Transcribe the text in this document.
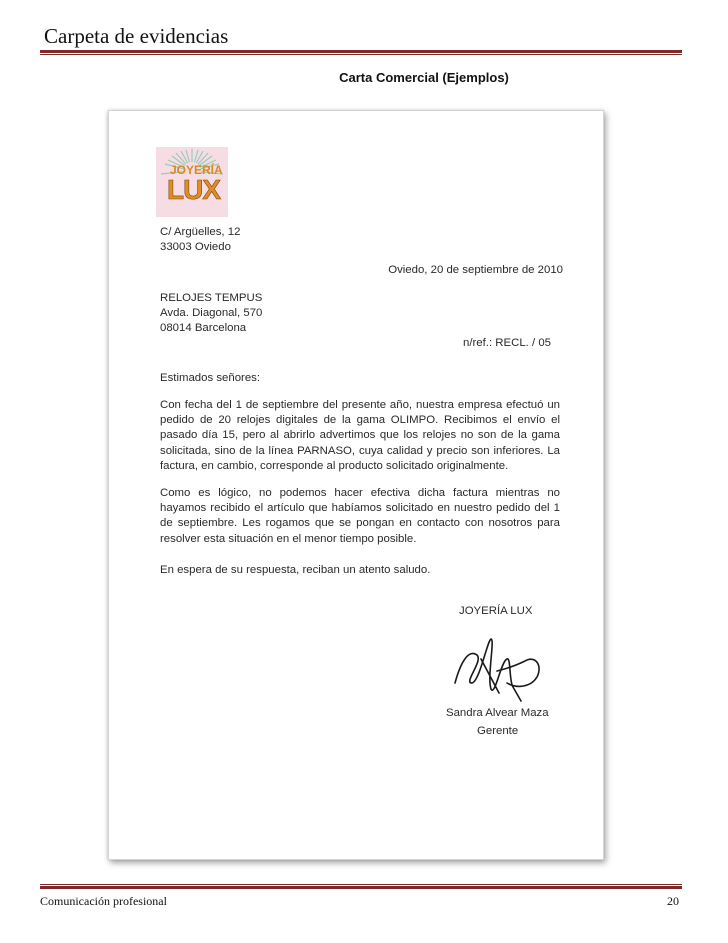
Carpeta de evidencias
Carta Comercial (Ejemplos)
JOYERÍA
LUX
C/ Argüelles, 12
33003 Oviedo
Oviedo, 20 de septiembre de 2010
RELOJES TEMPUS
Avda. Diagonal, 570
08014 Barcelona
n/ref.: RECL. / 05
Estimados señores:
Con fecha del 1 de septiembre del presente año, nuestra empresa efectuó un pedido de 20 relojes digitales de la gama OLIMPO. Recibimos el envío el pasado día 15, pero al abrirlo advertimos que los relojes no son de la gama solicitada, sino de la línea PARNASO, cuya calidad y precio son inferiores. La factura, en cambio, corresponde al producto solicitado originalmente.
Como es lógico, no podemos hacer efectiva dicha factura mientras no hayamos recibido el artículo que habíamos solicitado en nuestro pedido del 1 de septiembre. Les rogamos que se pongan en contacto con nosotros para resolver esta situación en el menor tiempo posible.
En espera de su respuesta, reciban un atento saludo.
JOYERÍA LUX
Sandra Alvear Maza
Gerente
Comunicación profesional	20
